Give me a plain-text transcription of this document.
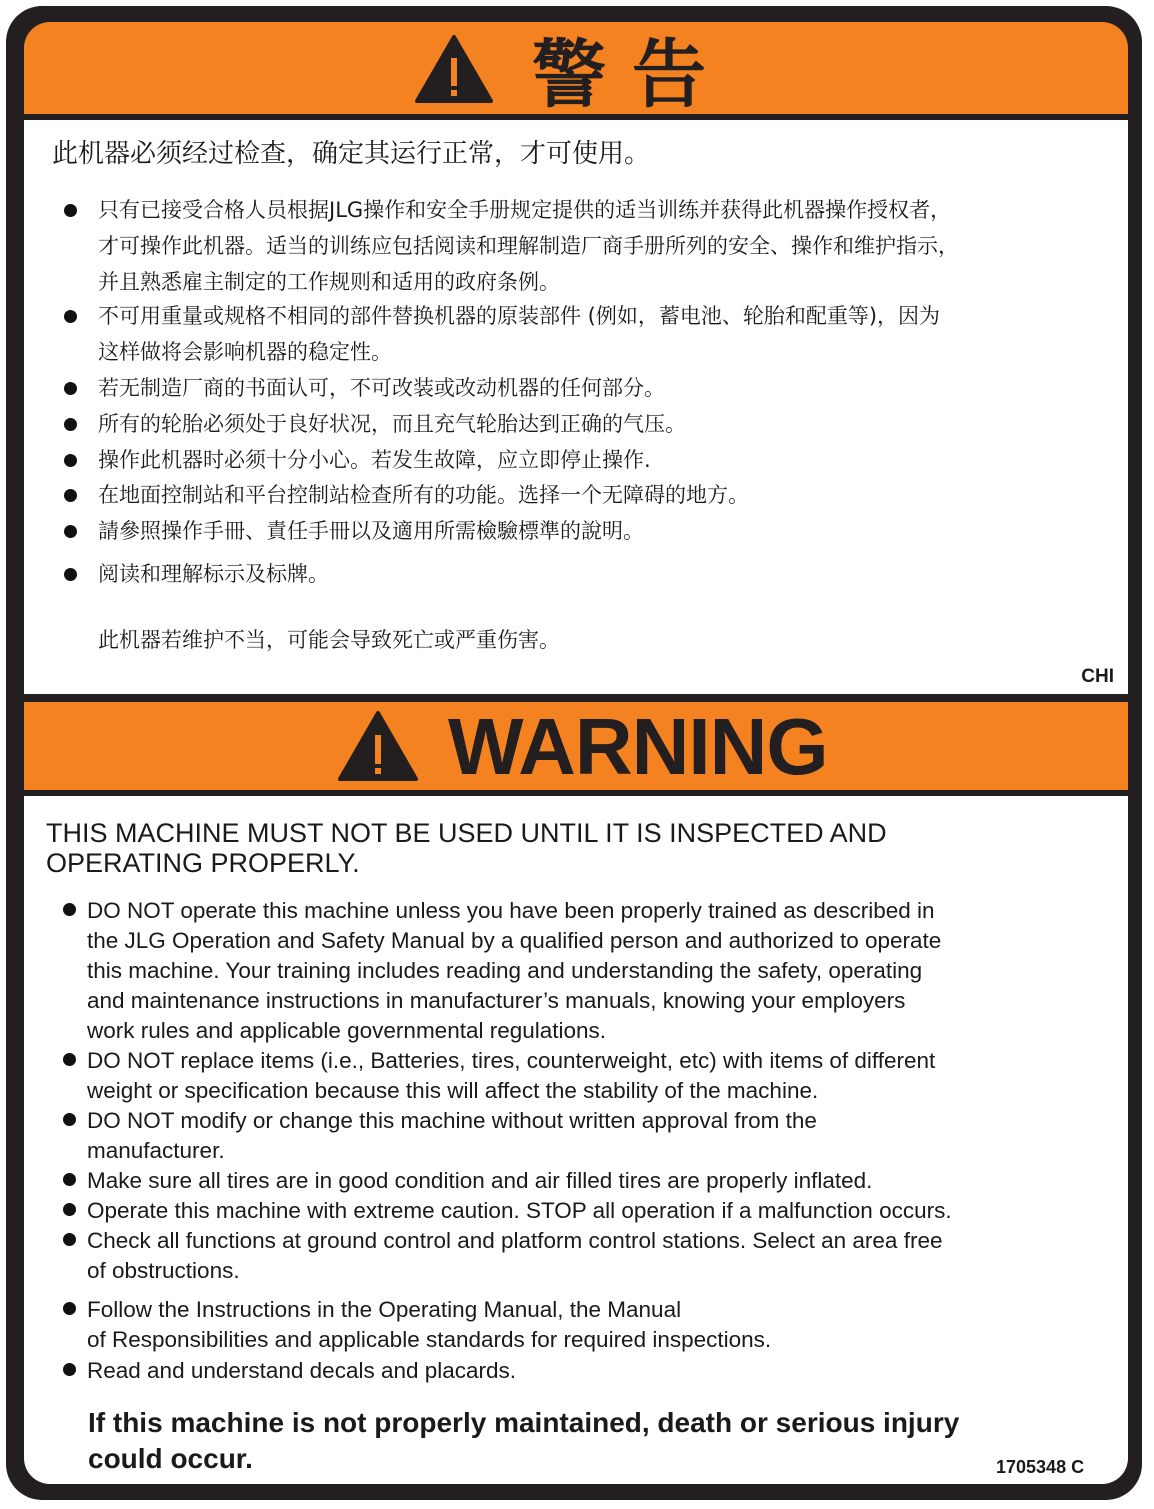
警告
此机器必须经过检查，确定其运行正常，才可使用。
只有已接受合格人员根据JLG操作和安全手册规定提供的适当训练并获得此机器操作授权者，
才可操作此机器。适当的训练应包括阅读和理解制造厂商手册所列的安全、操作和维护指示，
并且熟悉雇主制定的工作规则和适用的政府条例。
不可用重量或规格不相同的部件替换机器的原装部件 (例如，蓄电池、轮胎和配重等)，因为
这样做将会影响机器的稳定性。
若无制造厂商的书面认可，不可改装或改动机器的任何部分。
所有的轮胎必须处于良好状况，而且充气轮胎达到正确的气压。
操作此机器时必须十分小心。若发生故障，应立即停止操作.
在地面控制站和平台控制站检查所有的功能。选择一个无障碍的地方。
請參照操作手冊、責任手冊以及適用所需檢驗標準的說明。
阅读和理解标示及标牌。
此机器若维护不当，可能会导致死亡或严重伤害。
CHI
WARNING
THIS MACHINE MUST NOT BE USED UNTIL IT IS INSPECTED AND
OPERATING PROPERLY.
DO NOT operate this machine unless you have been properly trained as described in
the JLG Operation and Safety Manual by a qualified person and authorized to operate
this machine. Your training includes reading and understanding the safety, operating
and maintenance instructions in manufacturer’s manuals, knowing your employers
work rules and applicable governmental regulations.
DO NOT replace items (i.e., Batteries, tires, counterweight, etc) with items of different
weight or specification because this will affect the stability of the machine.
DO NOT modify or change this machine without written approval from the
manufacturer.
Make sure all tires are in good condition and air filled tires are properly inflated.
Operate this machine with extreme caution. STOP all operation if a malfunction occurs.
Check all functions at ground control and platform control stations. Select an area free
of obstructions.
Follow the Instructions in the Operating Manual, the Manual
of Responsibilities and applicable standards for required inspections.
Read and understand decals and placards.
If this machine is not properly maintained, death or serious injury
could occur.	1705348 C
